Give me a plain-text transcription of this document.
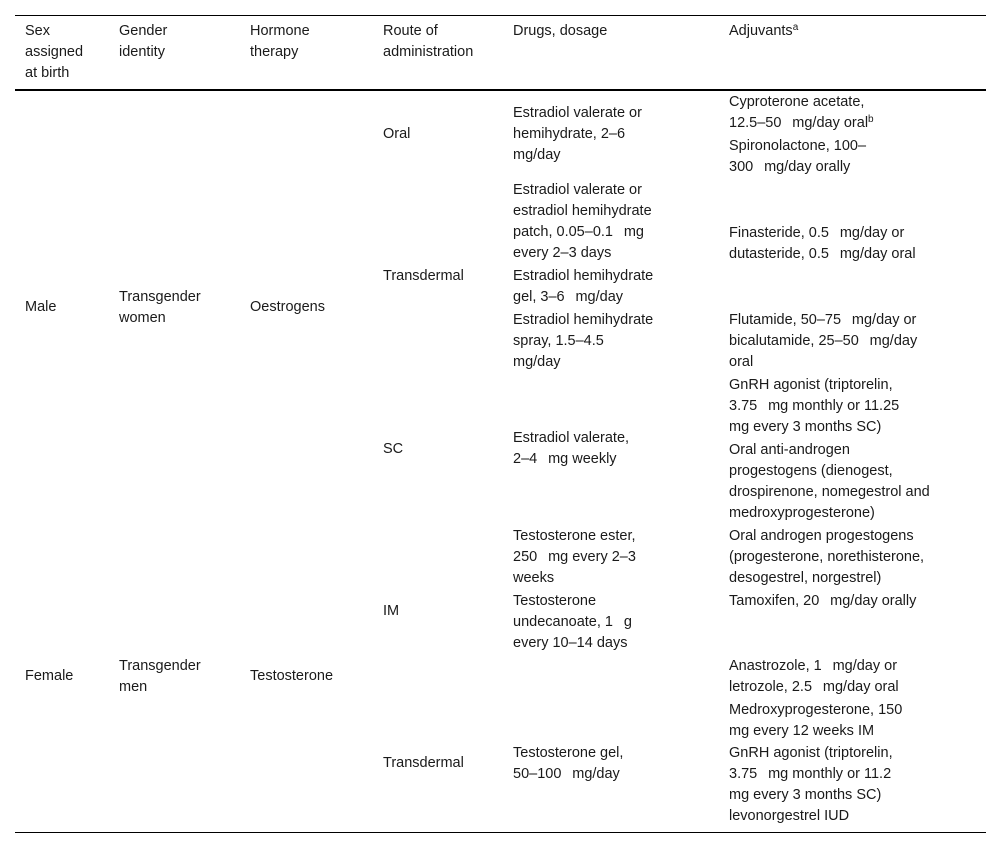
Sex
assigned
at birth
Gender
identity
Hormone
therapy
Route of
administration
Drugs, dosage	Adjuvants$^a$
Male
Transgender
women
Oestrogens
Oral
Estradiol valerate or
hemihydrate, 2–6
mg/day
Cyproterone acetate,
12.5–50   mg/day oral$^b$
Spironolactone, 100–
300   mg/day orally
Transdermal
Estradiol valerate or
estradiol hemihydrate
patch, 0.05–0.1   mg
every 2–3 days
Finasteride, 0.5   mg/day or
dutasteride, 0.5   mg/day oral
Estradiol hemihydrate
gel, 3–6   mg/day
Estradiol hemihydrate
spray, 1.5–4.5
mg/day
Flutamide, 50–75   mg/day or
bicalutamide, 25–50   mg/day
oral
GnRH agonist (triptorelin,
3.75   mg monthly or 11.25
mg every 3 months SC)
SC
Estradiol valerate,
2–4   mg weekly
Oral anti-androgen
progestogens (dienogest,
drospirenone, nomegestrol and
medroxyprogesterone)
Female
Transgender
men
Testosterone
IM
Testosterone ester,
250   mg every 2–3
weeks
Oral androgen progestogens
(progesterone, norethisterone,
desogestrel, norgestrel)
Testosterone
undecanoate, 1   g
every 10–14 days
Tamoxifen, 20   mg/day orally
Anastrozole, 1   mg/day or
letrozole, 2.5   mg/day oral
Medroxyprogesterone, 150
mg every 12 weeks IM
Transdermal
Testosterone gel,
50–100   mg/day
GnRH agonist (triptorelin,
3.75   mg monthly or 11.2
mg every 3 months SC)
levonorgestrel IUD
